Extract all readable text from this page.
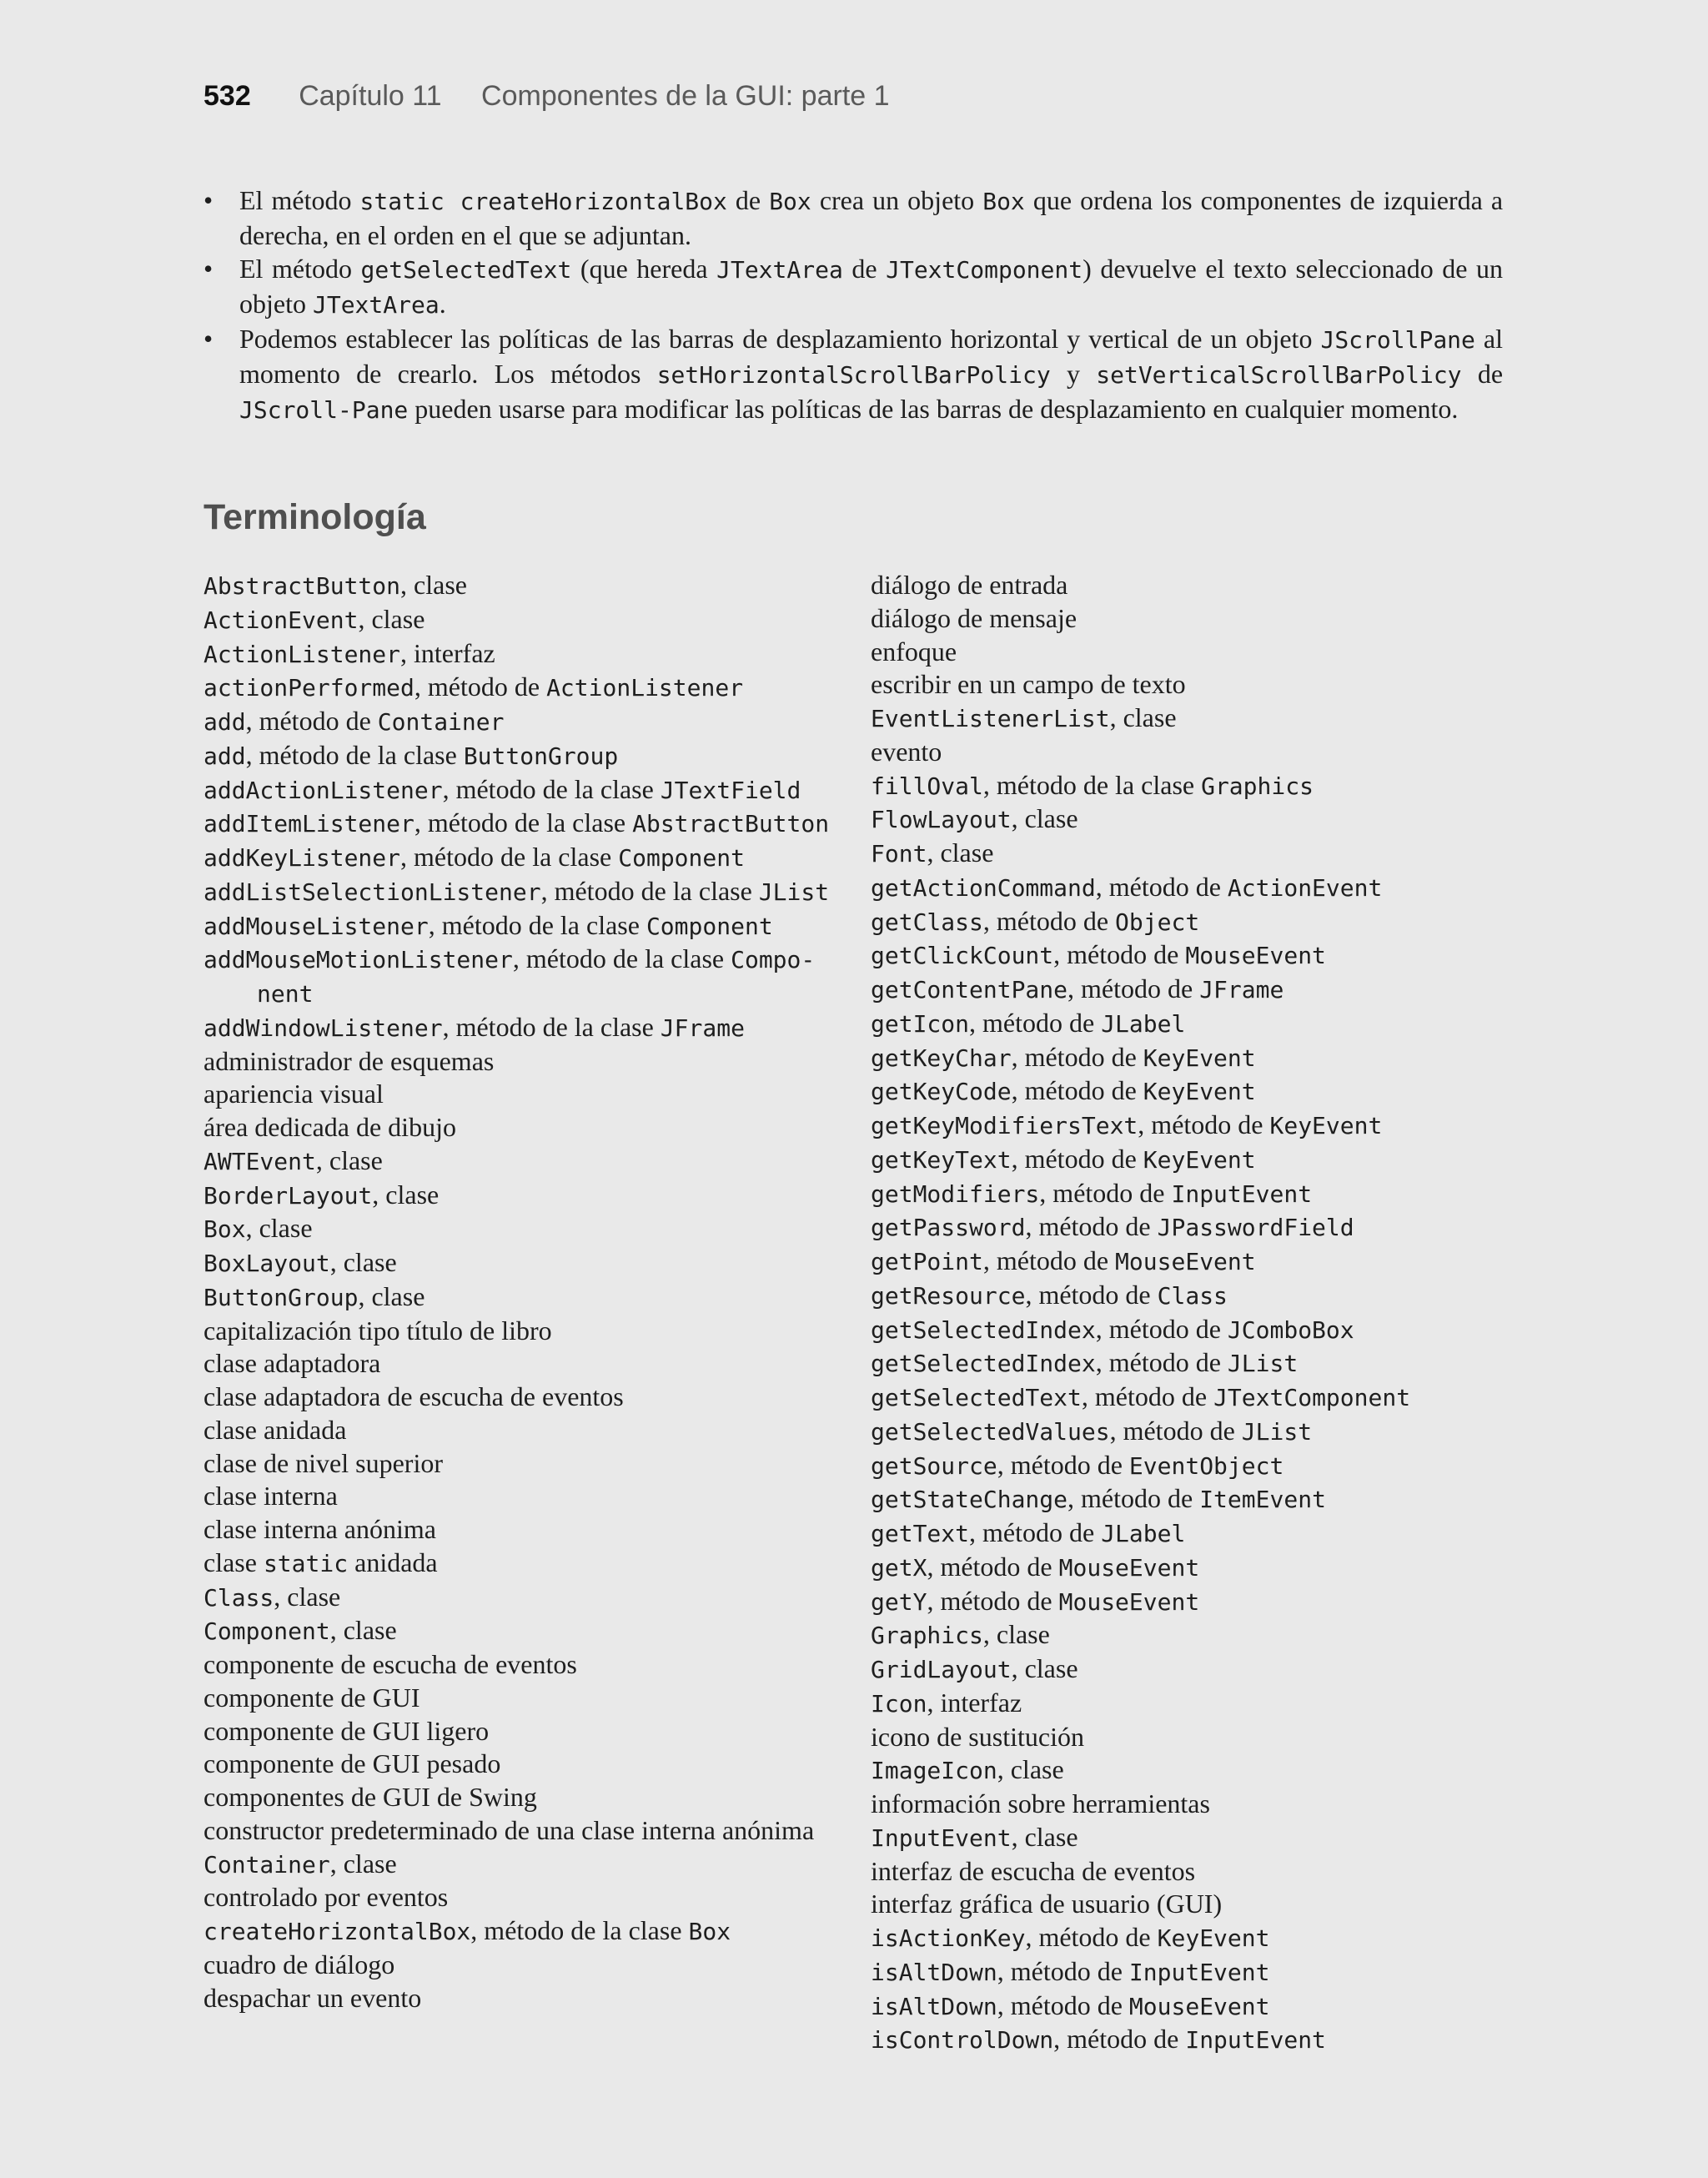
532 Capítulo 11 Componentes de la GUI: parte 1
• El método static createHorizontalBox de Box crea un objeto Box que ordena los componentes de izquierda a derecha, en el orden en el que se adjuntan.
• El método getSelectedText (que hereda JTextArea de JTextComponent) devuelve el texto seleccionado de un objeto JTextArea.
• Podemos establecer las políticas de las barras de desplazamiento horizontal y vertical de un objeto JScrollPane al momento de crearlo. Los métodos setHorizontalScrollBarPolicy y setVerticalScrollBarPolicy de JScroll-Pane pueden usarse para modificar las políticas de las barras de desplazamiento en cualquier momento.
Terminología
AbstractButton, clase
ActionEvent, clase
ActionListener, interfaz
actionPerformed, método de ActionListener
add, método de Container
add, método de la clase ButtonGroup
addActionListener, método de la clase JTextField
addItemListener, método de la clase AbstractButton
addKeyListener, método de la clase Component
addListSelectionListener, método de la clase JList
addMouseListener, método de la clase Component
addMouseMotionListener, método de la clase Compo- nent
addWindowListener, método de la clase JFrame
administrador de esquemas
apariencia visual
área dedicada de dibujo
AWTEvent, clase
BorderLayout, clase
Box, clase
BoxLayout, clase
ButtonGroup, clase
capitalización tipo título de libro
clase adaptadora
clase adaptadora de escucha de eventos
clase anidada
clase de nivel superior
clase interna
clase interna anónima
clase static anidada
Class, clase
Component, clase
componente de escucha de eventos
componente de GUI
componente de GUI ligero
componente de GUI pesado
componentes de GUI de Swing
constructor predeterminado de una clase interna anónima
Container, clase
controlado por eventos
createHorizontalBox, método de la clase Box
cuadro de diálogo
despachar un evento
diálogo de entrada
diálogo de mensaje
enfoque
escribir en un campo de texto
EventListenerList, clase
evento
fillOval, método de la clase Graphics
FlowLayout, clase
Font, clase
getActionCommand, método de ActionEvent
getClass, método de Object
getClickCount, método de MouseEvent
getContentPane, método de JFrame
getIcon, método de JLabel
getKeyChar, método de KeyEvent
getKeyCode, método de KeyEvent
getKeyModifiersText, método de KeyEvent
getKeyText, método de KeyEvent
getModifiers, método de InputEvent
getPassword, método de JPasswordField
getPoint, método de MouseEvent
getResource, método de Class
getSelectedIndex, método de JComboBox
getSelectedIndex, método de JList
getSelectedText, método de JTextComponent
getSelectedValues, método de JList
getSource, método de EventObject
getStateChange, método de ItemEvent
getText, método de JLabel
getX, método de MouseEvent
getY, método de MouseEvent
Graphics, clase
GridLayout, clase
Icon, interfaz
icono de sustitución
ImageIcon, clase
información sobre herramientas
InputEvent, clase
interfaz de escucha de eventos
interfaz gráfica de usuario (GUI)
isActionKey, método de KeyEvent
isAltDown, método de InputEvent
isAltDown, método de MouseEvent
isControlDown, método de InputEvent
